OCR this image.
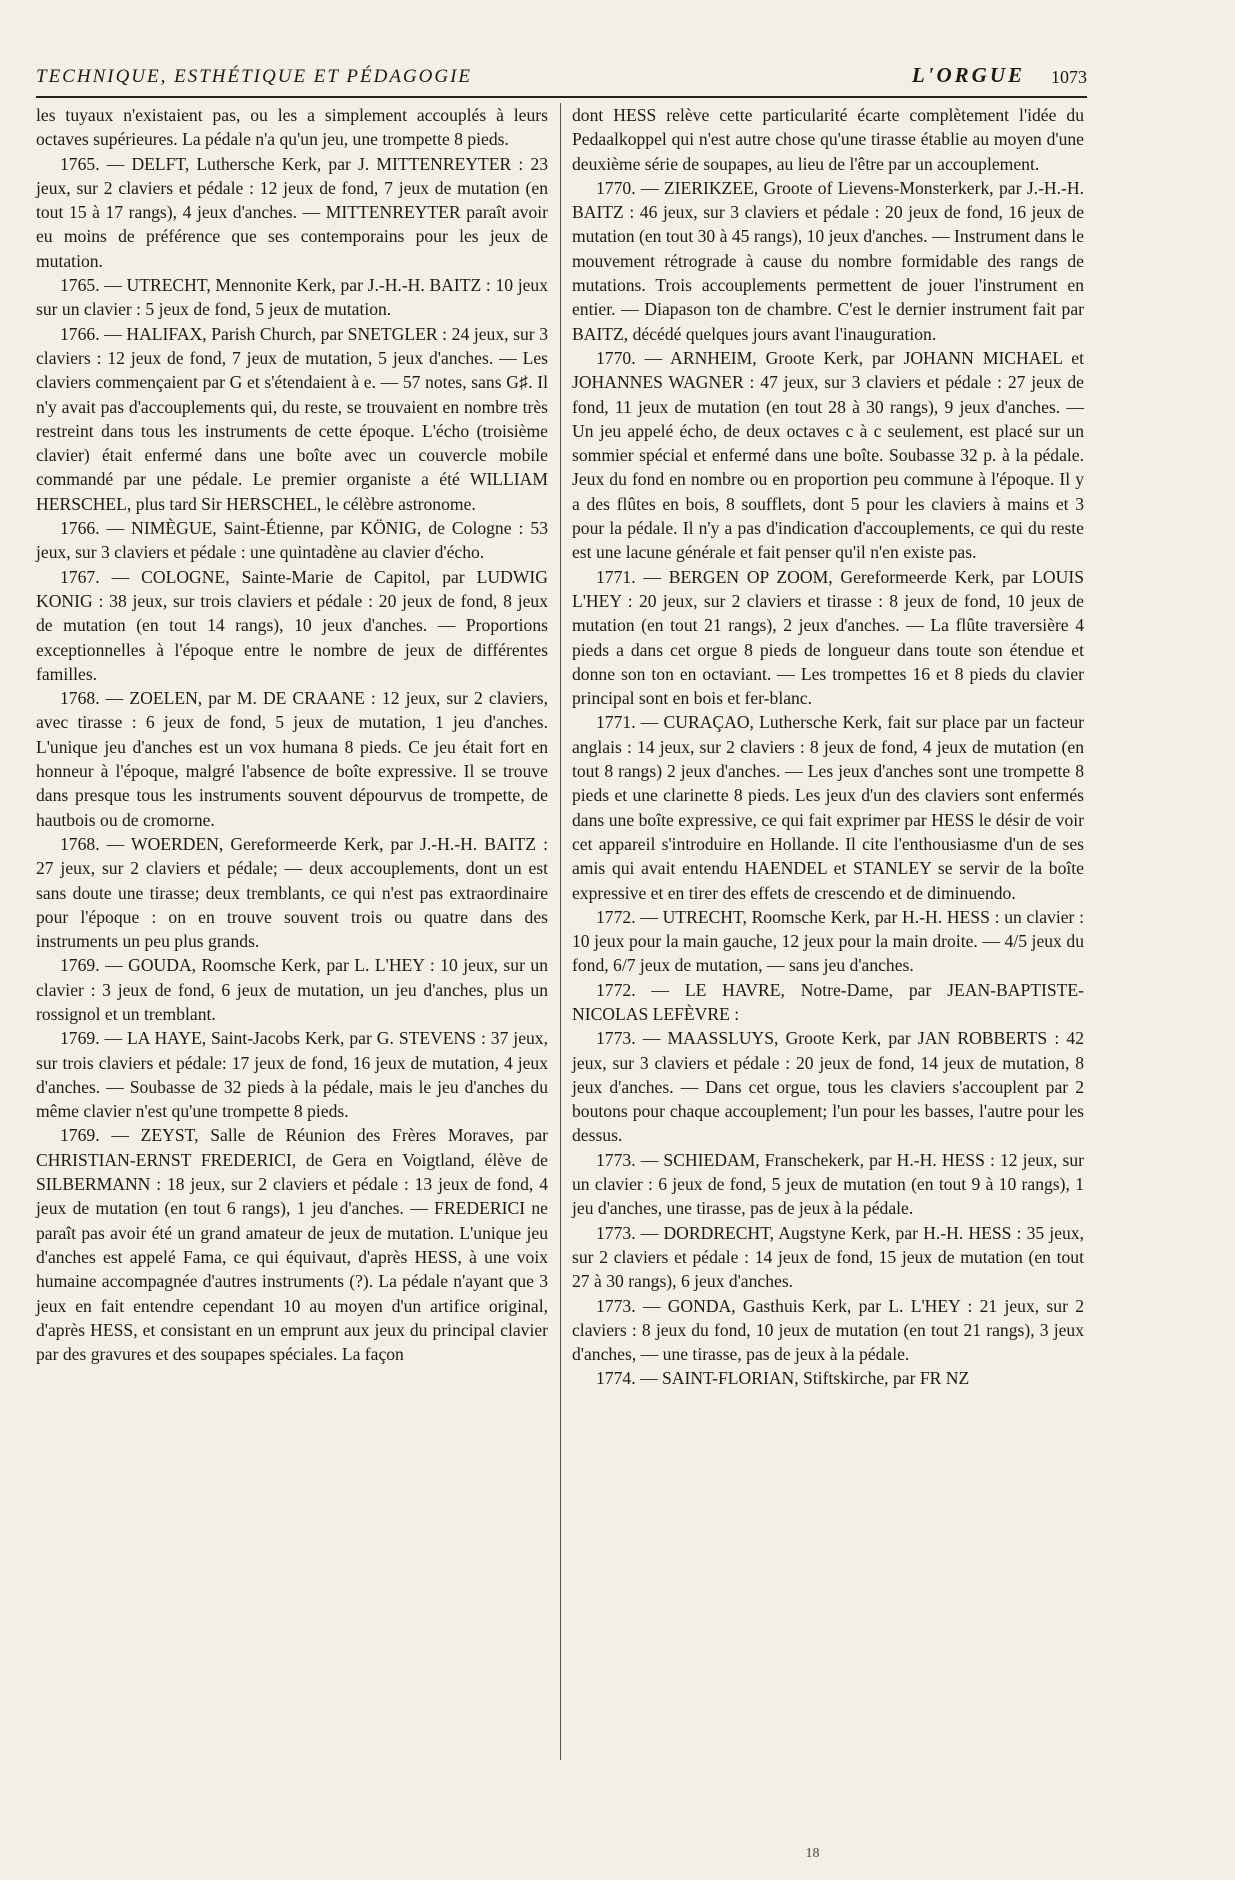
TECHNIQUE, ESTHÉTIQUE ET PÉDAGOGIE	L'ORGUE 1073

les tuyaux n'existaient pas, ou les a simplement accouplés à leurs octaves supérieures. La pédale n'a qu'un jeu, une trompette 8 pieds.

1765. — DELFT, Luthersche Kerk, par J. MITTENREYTER : 23 jeux, sur 2 claviers et pédale : 12 jeux de fond, 7 jeux de mutation (en tout 15 à 17 rangs), 4 jeux d'anches. — MITTENREYTER paraît avoir eu moins de préférence que ses contemporains pour les jeux de mutation.

1765. — UTRECHT, Mennonite Kerk, par J.-H.-H. BAITZ : 10 jeux sur un clavier : 5 jeux de fond, 5 jeux de mutation.

1766. — HALIFAX, Parish Church, par SNETGLER : 24 jeux, sur 3 claviers : 12 jeux de fond, 7 jeux de mutation, 5 jeux d'anches. — Les claviers commençaient par G et s'étendaient à e. — 57 notes, sans G♯. Il n'y avait pas d'accouplements qui, du reste, se trouvaient en nombre très restreint dans tous les instruments de cette époque. L'écho (troisième clavier) était enfermé dans une boîte avec un couvercle mobile commandé par une pédale. Le premier organiste a été WILLIAM HERSCHEL, plus tard Sir HERSCHEL, le célèbre astronome.

1766. — NIMÈGUE, Saint-Étienne, par KÖNIG, de Cologne : 53 jeux, sur 3 claviers et pédale : une quintadène au clavier d'écho.

1767. — COLOGNE, Sainte-Marie de Capitol, par LUDWIG KONIG : 38 jeux, sur trois claviers et pédale : 20 jeux de fond, 8 jeux de mutation (en tout 14 rangs), 10 jeux d'anches. — Proportions exceptionnelles à l'époque entre le nombre de jeux de différentes familles.

1768. — ZOELEN, par M. DE CRAANE : 12 jeux, sur 2 claviers, avec tirasse : 6 jeux de fond, 5 jeux de mutation, 1 jeu d'anches. L'unique jeu d'anches est un vox humana 8 pieds. Ce jeu était fort en honneur à l'époque, malgré l'absence de boîte expressive. Il se trouve dans presque tous les instruments souvent dépourvus de trompette, de hautbois ou de cromorne.

1768. — WOERDEN, Gereformeerde Kerk, par J.-H.-H. BAITZ : 27 jeux, sur 2 claviers et pédale; — deux accouplements, dont un est sans doute une tirasse; deux tremblants, ce qui n'est pas extraordinaire pour l'époque : on en trouve souvent trois ou quatre dans des instruments un peu plus grands.

1769. — GOUDA, Roomsche Kerk, par L. L'HEY : 10 jeux, sur un clavier : 3 jeux de fond, 6 jeux de mutation, un jeu d'anches, plus un rossignol et un tremblant.

1769. — LA HAYE, Saint-Jacobs Kerk, par G. STEVENS : 37 jeux, sur trois claviers et pédale: 17 jeux de fond, 16 jeux de mutation, 4 jeux d'anches. — Soubasse de 32 pieds à la pédale, mais le jeu d'anches du même clavier n'est qu'une trompette 8 pieds.

1769. — ZEYST, Salle de Réunion des Frères Moraves, par CHRISTIAN-ERNST FREDERICI, de Gera en Voigtland, élève de SILBERMANN : 18 jeux, sur 2 claviers et pédale : 13 jeux de fond, 4 jeux de mutation (en tout 6 rangs), 1 jeu d'anches. — FREDERICI ne paraît pas avoir été un grand amateur de jeux de mutation. L'unique jeu d'anches est appelé Fama, ce qui équivaut, d'après HESS, à une voix humaine accompagnée d'autres instruments (?). La pédale n'ayant que 3 jeux en fait entendre cependant 10 au moyen d'un artifice original, d'après HESS, et consistant en un emprunt aux jeux du principal clavier par des gravures et des soupapes spéciales. La façon

dont HESS relève cette particularité écarte complètement l'idée du Pedaalkoppel qui n'est autre chose qu'une tirasse établie au moyen d'une deuxième série de soupapes, au lieu de l'être par un accouplement.

1770. — ZIERIKZEE, Groote of Lievens-Monsterkerk, par J.-H.-H. BAITZ : 46 jeux, sur 3 claviers et pédale : 20 jeux de fond, 16 jeux de mutation (en tout 30 à 45 rangs), 10 jeux d'anches. — Instrument dans le mouvement rétrograde à cause du nombre formidable des rangs de mutations. Trois accouplements permettent de jouer l'instrument en entier. — Diapason ton de chambre. C'est le dernier instrument fait par BAITZ, décédé quelques jours avant l'inauguration.

1770. — ARNHEIM, Groote Kerk, par JOHANN MICHAEL et JOHANNES WAGNER : 47 jeux, sur 3 claviers et pédale : 27 jeux de fond, 11 jeux de mutation (en tout 28 à 30 rangs), 9 jeux d'anches. — Un jeu appelé écho, de deux octaves c à c seulement, est placé sur un sommier spécial et enfermé dans une boîte. Soubasse 32 p. à la pédale. Jeux du fond en nombre ou en proportion peu commune à l'époque. Il y a des flûtes en bois, 8 soufflets, dont 5 pour les claviers à mains et 3 pour la pédale. Il n'y a pas d'indication d'accouplements, ce qui du reste est une lacune générale et fait penser qu'il n'en existe pas.

1771. — BERGEN OP ZOOM, Gereformeerde Kerk, par LOUIS L'HEY : 20 jeux, sur 2 claviers et tirasse : 8 jeux de fond, 10 jeux de mutation (en tout 21 rangs), 2 jeux d'anches. — La flûte traversière 4 pieds a dans cet orgue 8 pieds de longueur dans toute son étendue et donne son ton en octaviant. — Les trompettes 16 et 8 pieds du clavier principal sont en bois et fer-blanc.

1771. — CURAÇAO, Luthersche Kerk, fait sur place par un facteur anglais : 14 jeux, sur 2 claviers : 8 jeux de fond, 4 jeux de mutation (en tout 8 rangs) 2 jeux d'anches. — Les jeux d'anches sont une trompette 8 pieds et une clarinette 8 pieds. Les jeux d'un des claviers sont enfermés dans une boîte expressive, ce qui fait exprimer par HESS le désir de voir cet appareil s'introduire en Hollande. Il cite l'enthousiasme d'un de ses amis qui avait entendu HAENDEL et STANLEY se servir de la boîte expressive et en tirer des effets de crescendo et de diminuendo.

1772. — UTRECHT, Roomsche Kerk, par H.-H. HESS : un clavier : 10 jeux pour la main gauche, 12 jeux pour la main droite. — 4/5 jeux du fond, 6/7 jeux de mutation, — sans jeu d'anches.

1772. — LE HAVRE, Notre-Dame, par JEAN-BAPTISTE-NICOLAS LEFÈVRE :

1773. — MAASSLUYS, Groote Kerk, par JAN ROBBERTS : 42 jeux, sur 3 claviers et pédale : 20 jeux de fond, 14 jeux de mutation, 8 jeux d'anches. — Dans cet orgue, tous les claviers s'accouplent par 2 boutons pour chaque accouplement; l'un pour les basses, l'autre pour les dessus.

1773. — SCHIEDAM, Franschekerk, par H.-H. HESS : 12 jeux, sur un clavier : 6 jeux de fond, 5 jeux de mutation (en tout 9 à 10 rangs), 1 jeu d'anches, une tirasse, pas de jeux à la pédale.

1773. — DORDRECHT, Augstyne Kerk, par H.-H. HESS : 35 jeux, sur 2 claviers et pédale : 14 jeux de fond, 15 jeux de mutation (en tout 27 à 30 rangs), 6 jeux d'anches.

1773. — GONDA, Gasthuis Kerk, par L. L'HEY : 21 jeux, sur 2 claviers : 8 jeux du fond, 10 jeux de mutation (en tout 21 rangs), 3 jeux d'anches, — une tirasse, pas de jeux à la pédale.

1774. — SAINT-FLORIAN, Stiftskirche, par FR NZ

18
